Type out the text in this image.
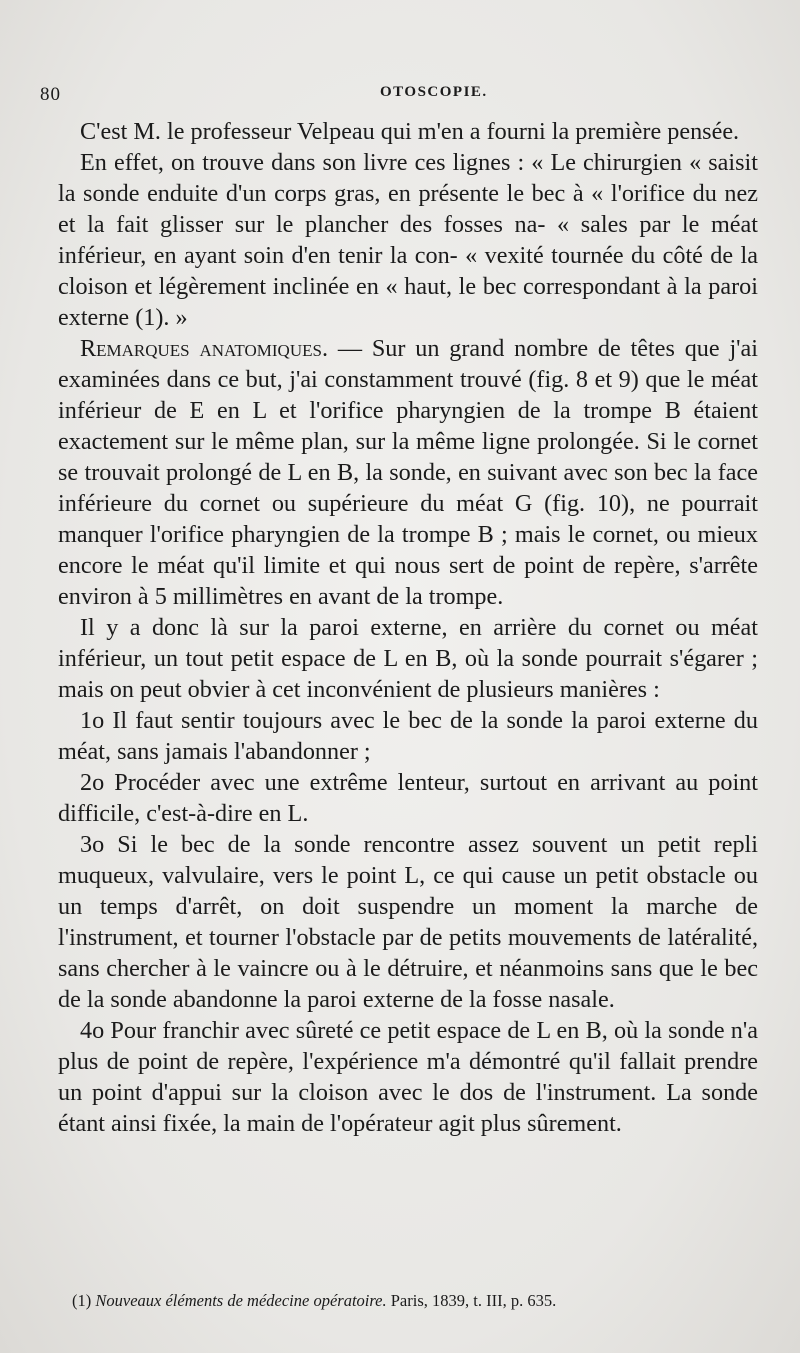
80	OTOSCOPIE.

C'est M. le professeur Velpeau qui m'en a fourni la première pensée.

En effet, on trouve dans son livre ces lignes : « Le chirurgien « saisit la sonde enduite d'un corps gras, en présente le bec à « l'orifice du nez et la fait glisser sur le plancher des fosses na- « sales par le méat inférieur, en ayant soin d'en tenir la con- « vexité tournée du côté de la cloison et légèrement inclinée en « haut, le bec correspondant à la paroi externe (1). »

Remarques anatomiques. — Sur un grand nombre de têtes que j'ai examinées dans ce but, j'ai constamment trouvé (fig. 8 et 9) que le méat inférieur de E en L et l'orifice pharyngien de la trompe B étaient exactement sur le même plan, sur la même ligne prolongée. Si le cornet se trouvait prolongé de L en B, la sonde, en suivant avec son bec la face inférieure du cornet ou supérieure du méat G (fig. 10), ne pourrait manquer l'orifice pharyngien de la trompe B ; mais le cornet, ou mieux encore le méat qu'il limite et qui nous sert de point de repère, s'arrête environ à 5 millimètres en avant de la trompe.

Il y a donc là sur la paroi externe, en arrière du cornet ou méat inférieur, un tout petit espace de L en B, où la sonde pourrait s'égarer ; mais on peut obvier à cet inconvénient de plusieurs manières :

1o Il faut sentir toujours avec le bec de la sonde la paroi externe du méat, sans jamais l'abandonner ;

2o Procéder avec une extrême lenteur, surtout en arrivant au point difficile, c'est-à-dire en L.

3o Si le bec de la sonde rencontre assez souvent un petit repli muqueux, valvulaire, vers le point L, ce qui cause un petit obstacle ou un temps d'arrêt, on doit suspendre un moment la marche de l'instrument, et tourner l'obstacle par de petits mouvements de latéralité, sans chercher à le vaincre ou à le détruire, et néanmoins sans que le bec de la sonde abandonne la paroi externe de la fosse nasale.

4o Pour franchir avec sûreté ce petit espace de L en B, où la sonde n'a plus de point de repère, l'expérience m'a démontré qu'il fallait prendre un point d'appui sur la cloison avec le dos de l'instrument. La sonde étant ainsi fixée, la main de l'opérateur agit plus sûrement.

(1) Nouveaux éléments de médecine opératoire. Paris, 1839, t. III, p. 635.
